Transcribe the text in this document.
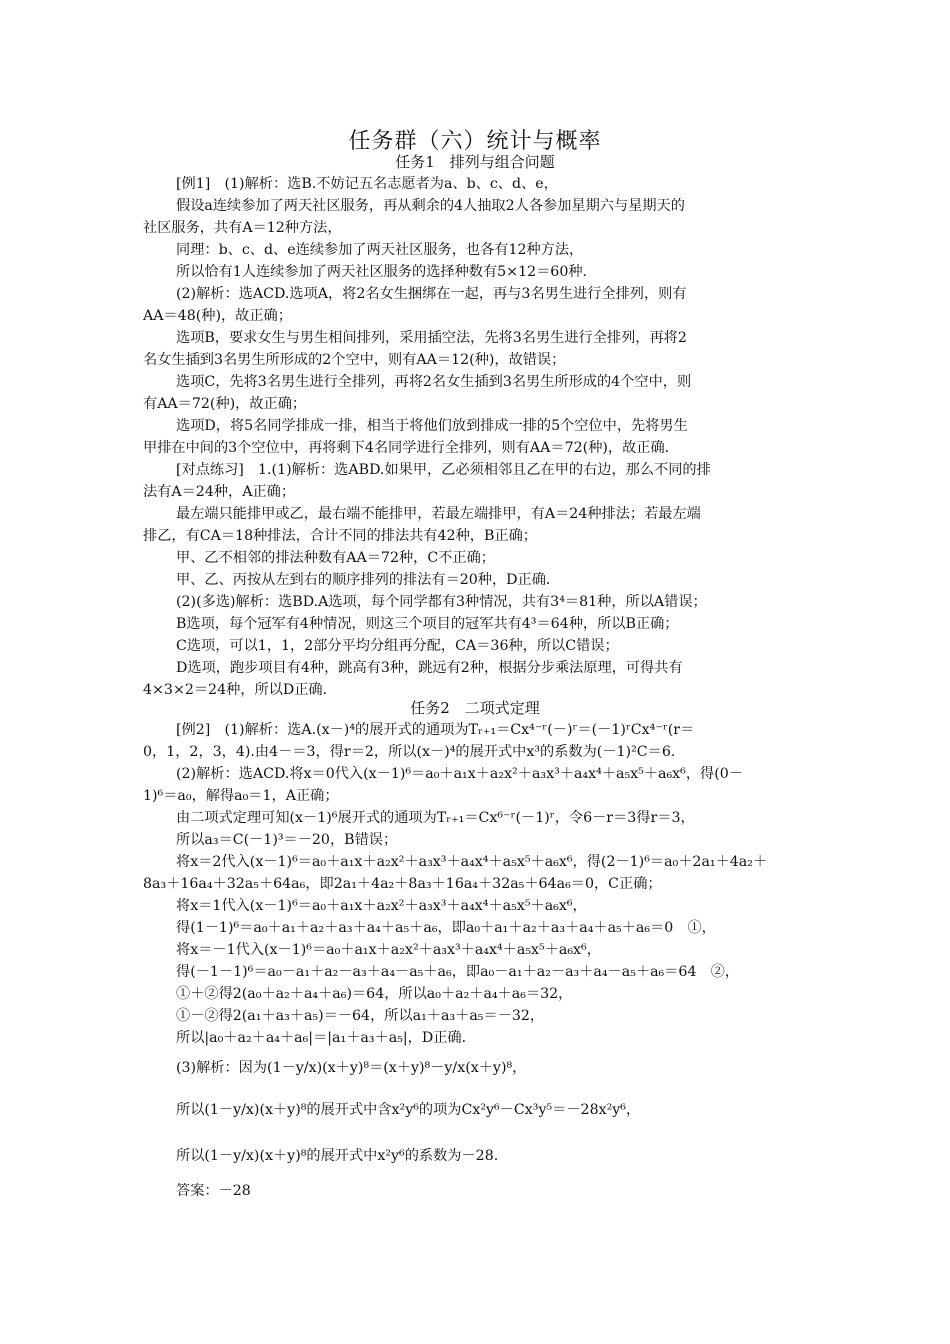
任务群（六）统计与概率
任务1　排列与组合问题
[例1]　(1)解析：选B.不妨记五名志愿者为a、b、c、d、e，
假设a连续参加了两天社区服务，再从剩余的4人抽取2人各参加星期六与星期天的
社区服务，共有A＝12种方法，
同理：b、c、d、e连续参加了两天社区服务，也各有12种方法，
所以恰有1人连续参加了两天社区服务的选择种数有5×12＝60种．
(2)解析：选ACD.选项A，将2名女生捆绑在一起，再与3名男生进行全排列，则有
AA＝48(种)，故正确；
选项B，要求女生与男生相间排列，采用插空法，先将3名男生进行全排列，再将2
名女生插到3名男生所形成的2个空中，则有AA＝12(种)，故错误；
选项C，先将3名男生进行全排列，再将2名女生插到3名男生所形成的4个空中，则
有AA＝72(种)，故正确；
选项D，将5名同学排成一排，相当于将他们放到排成一排的5个空位中，先将男生
甲排在中间的3个空位中，再将剩下4名同学进行全排列，则有AA＝72(种)，故正确．
[对点练习]　1.(1)解析：选ABD.如果甲，乙必须相邻且乙在甲的右边，那么不同的排
法有A＝24种，A正确；
最左端只能排甲或乙，最右端不能排甲，若最左端排甲，有A＝24种排法；若最左端
排乙，有CA＝18种排法，合计不同的排法共有42种，B正确；
甲、乙不相邻的排法种数有AA＝72种，C不正确；
甲、乙、丙按从左到右的顺序排列的排法有＝20种，D正确．
(2)(多选)解析：选BD.A选项，每个同学都有3种情况，共有3⁴＝81种，所以A错误；
B选项，每个冠军有4种情况，则这三个项目的冠军共有4³＝64种，所以B正确；
C选项，可以1，1，2部分平均分组再分配，CA＝36种，所以C错误；
D选项，跑步项目有4种，跳高有3种，跳远有2种，根据分步乘法原理，可得共有
4×3×2＝24种，所以D正确．
任务2　二项式定理
[例2]　(1)解析：选A.(x－)⁴的展开式的通项为Tᵣ₊₁＝Cx⁴⁻ʳ(－)ʳ＝(－1)ʳCx⁴⁻ʳ(r＝
0，1，2，3，4).由4－＝3，得r＝2，所以(x－)⁴的展开式中x³的系数为(－1)²C＝6.
(2)解析：选ACD.将x＝0代入(x－1)⁶＝a₀＋a₁x＋a₂x²＋a₃x³＋a₄x⁴＋a₅x⁵＋a₆x⁶，得(0－
1)⁶＝a₀，解得a₀＝1，A正确；
由二项式定理可知(x－1)⁶展开式的通项为Tᵣ₊₁＝Cx⁶⁻ʳ(－1)ʳ，令6－r＝3得r＝3，
所以a₃＝C(－1)³＝－20，B错误；
将x＝2代入(x－1)⁶＝a₀＋a₁x＋a₂x²＋a₃x³＋a₄x⁴＋a₅x⁵＋a₆x⁶，得(2－1)⁶＝a₀＋2a₁＋4a₂＋
8a₃＋16a₄＋32a₅＋64a₆，即2a₁＋4a₂＋8a₃＋16a₄＋32a₅＋64a₆＝0，C正确；
将x＝1代入(x－1)⁶＝a₀＋a₁x＋a₂x²＋a₃x³＋a₄x⁴＋a₅x⁵＋a₆x⁶，
得(1－1)⁶＝a₀＋a₁＋a₂＋a₃＋a₄＋a₅＋a₆，即a₀＋a₁＋a₂＋a₃＋a₄＋a₅＋a₆＝0　①，
将x＝－1代入(x－1)⁶＝a₀＋a₁x＋a₂x²＋a₃x³＋a₄x⁴＋a₅x⁵＋a₆x⁶，
得(－1－1)⁶＝a₀－a₁＋a₂－a₃＋a₄－a₅＋a₆，即a₀－a₁＋a₂－a₃＋a₄－a₅＋a₆＝64　②，
①＋②得2(a₀＋a₂＋a₄＋a₆)＝64，所以a₀＋a₂＋a₄＋a₆＝32，
①－②得2(a₁＋a₃＋a₅)＝－64，所以a₁＋a₃＋a₅＝－32，
所以|a₀＋a₂＋a₄＋a₆|＝|a₁＋a₃＋a₅|，D正确．
(3)解析：因为(1－y/x)(x＋y)⁸＝(x＋y)⁸－y/x(x＋y)⁸，
所以(1－y/x)(x＋y)⁸的展开式中含x²y⁶的项为Cx²y⁶－Cx³y⁵＝－28x²y⁶，
所以(1－y/x)(x＋y)⁸的展开式中x²y⁶的系数为－28.
答案：－28
